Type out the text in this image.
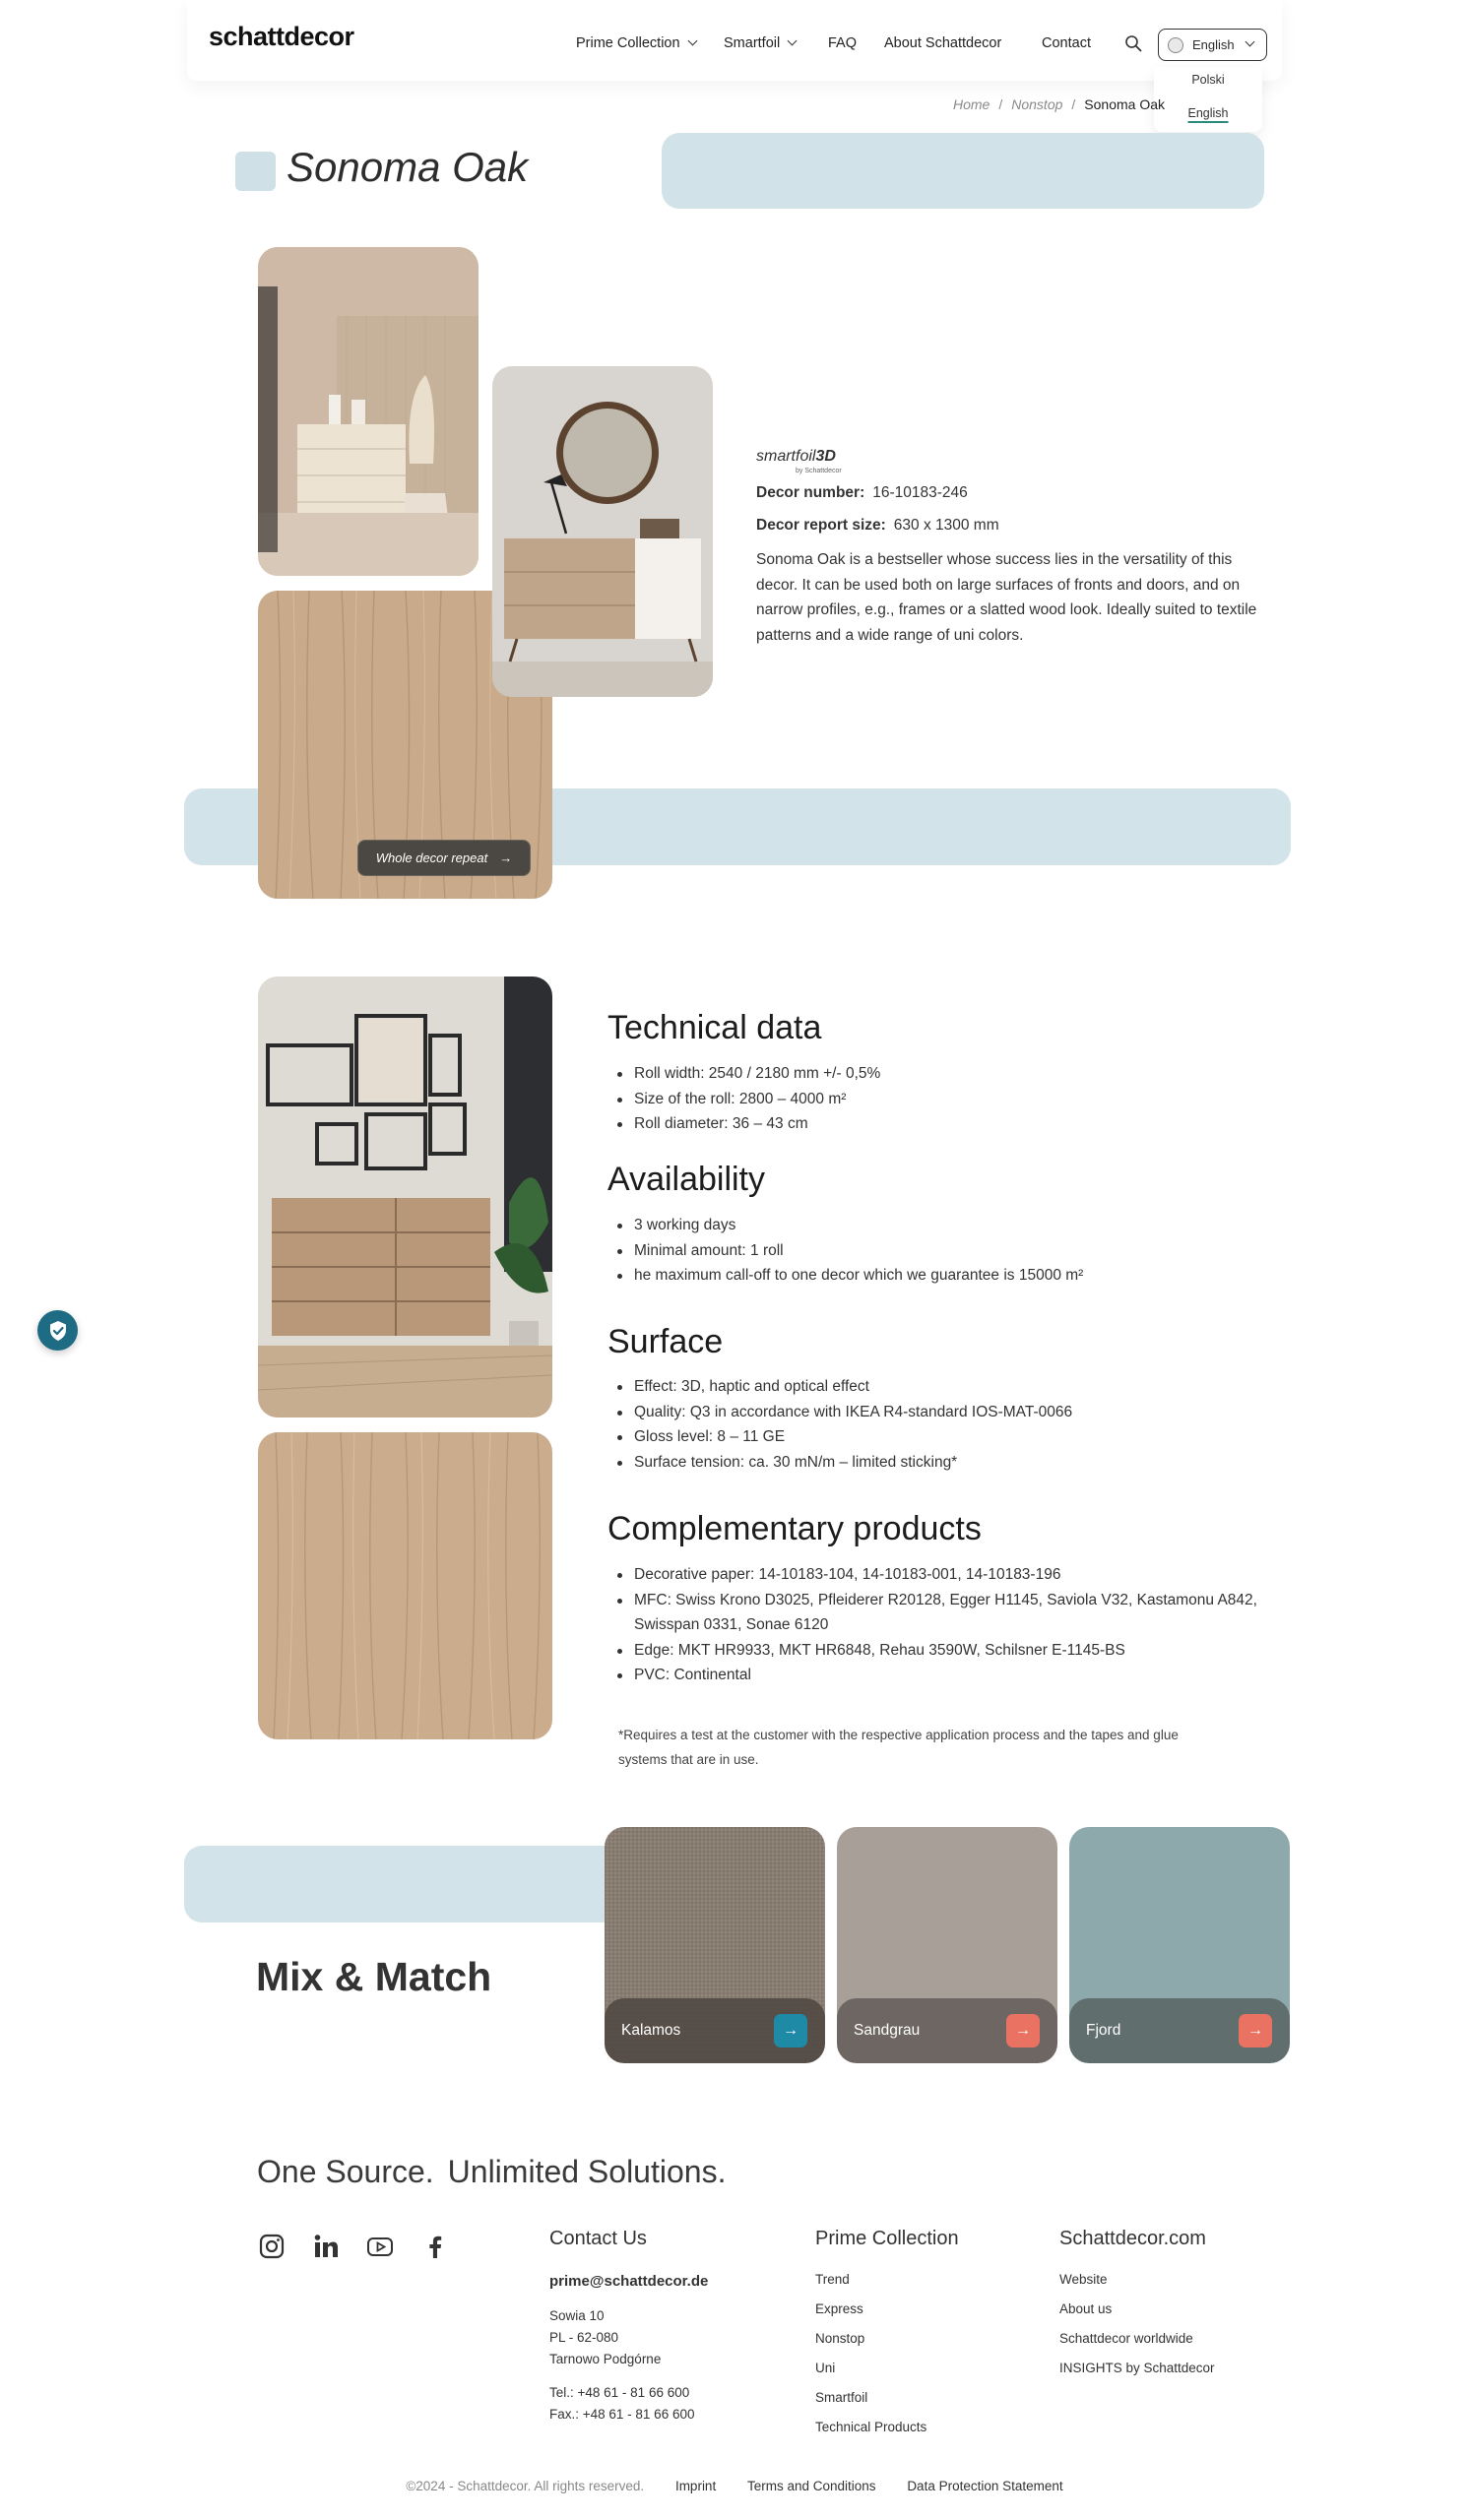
schattdecor	Prime Collection	Smartfoil	FAQ About Schattdecor	Contact	English
Polski
English
Home / Nonstop / Sonoma Oak
Sonoma Oak
Whole decor repeat →
smartfoil3D
by Schattdecor
Decor number: 16-10183-246
Decor report size: 630 x 1300 mm

Sonoma Oak is a bestseller whose success lies in the versatility of this decor. It can be used both on large surfaces of fronts and doors, and on narrow profiles, e.g., frames or a slatted wood look. Ideally suited to textile patterns and a wide range of uni colors.

Technical data
Roll width: 2540 / 2180 mm +/- 0,5%
Size of the roll: 2800 – 4000 m²
Roll diameter: 36 – 43 cm
Availability
3 working days
Minimal amount: 1 roll
he maximum call-off to one decor which we guarantee is 15000 m²
Surface
Effect: 3D, haptic and optical effect
Quality: Q3 in accordance with IKEA R4-standard IOS-MAT-0066
Gloss level: 8 – 11 GE
Surface tension: ca. 30 mN/m – limited sticking*
Complementary products
Decorative paper: 14-10183-104, 14-10183-001, 14-10183-196
MFC: Swiss Krono D3025, Pfleiderer R20128, Egger H1145, Saviola V32, Kastamonu A842, Swisspan 0331, Sonae 6120
Edge: MKT HR9933, MKT HR6848, Rehau 3590W, Schilsner E-1145-BS
PVC: Continental

*Requires a test at the customer with the respective application process and the tapes and glue systems that are in use.

Mix & Match
Kalamos	→	Sandgrau	→	Fjord	→
One Source. Unlimited Solutions.
Contact Us
prime@schattdecor.de
Sowia 10
PL - 62-080
Tarnowo Podgórne
Tel.: +48 61 - 81 66 600
Fax.: +48 61 - 81 66 600
Prime Collection
Trend
Express
Nonstop
Uni
Smartfoil
Technical Products
Schattdecor.com
Website
About us
Schattdecor worldwide
INSIGHTS by Schattdecor
©2024 - Schattdecor. All rights reserved. Imprint Terms and Conditions Data Protection Statement
